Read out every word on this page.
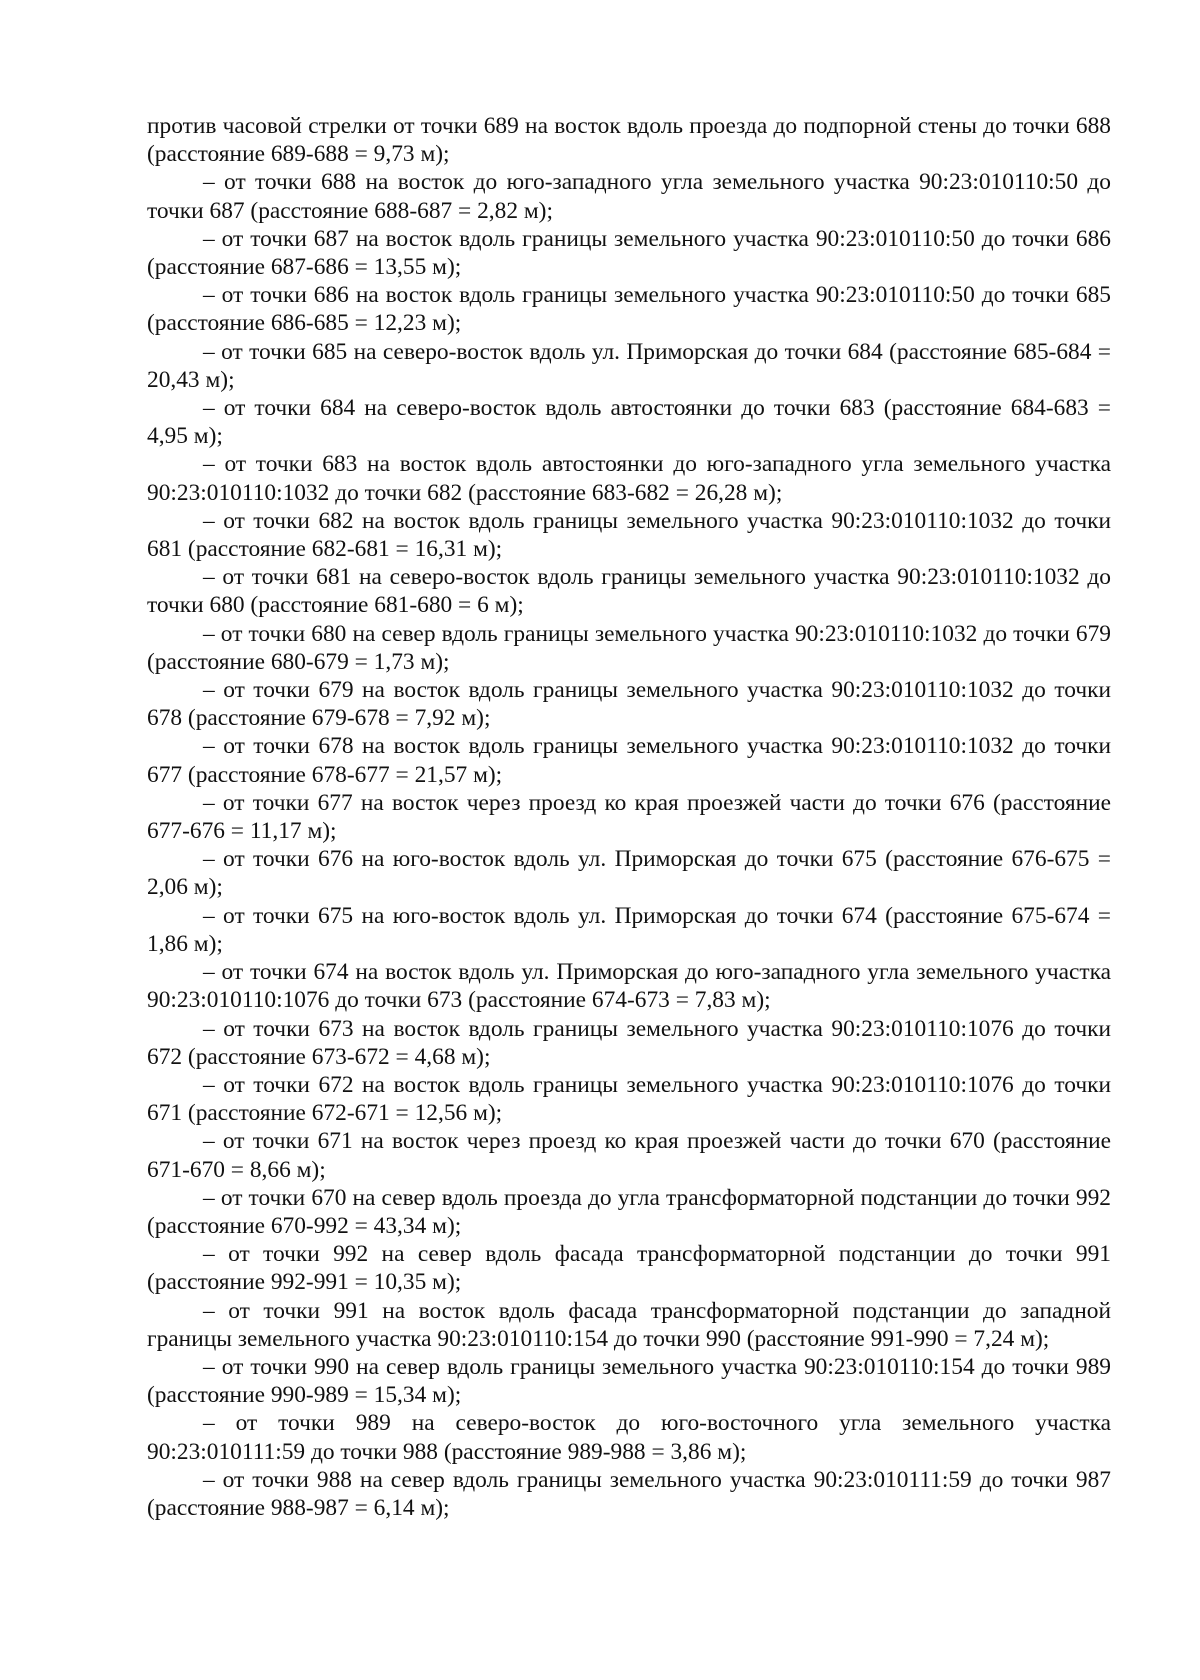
против часовой стрелки от точки 689 на восток вдоль проезда до подпорной стены до точки 688 (расстояние 689-688 = 9,73 м);

– от точки 688 на восток до юго-западного угла земельного участка 90:23:010110:50 до точки 687 (расстояние 688-687 = 2,82 м);

– от точки 687 на восток вдоль границы земельного участка 90:23:010110:50 до точки 686 (расстояние 687-686 = 13,55 м);

– от точки 686 на восток вдоль границы земельного участка 90:23:010110:50 до точки 685 (расстояние 686-685 = 12,23 м);

– от точки 685 на северо-восток вдоль ул. Приморская до точки 684 (расстояние 685-684 = 20,43 м);

– от точки 684 на северо-восток вдоль автостоянки до точки 683 (расстояние 684-683 = 4,95 м);

– от точки 683 на восток вдоль автостоянки до юго-западного угла земельного участка 90:23:010110:1032 до точки 682 (расстояние 683-682 = 26,28 м);

– от точки 682 на восток вдоль границы земельного участка 90:23:010110:1032 до точки 681 (расстояние 682-681 = 16,31 м);

– от точки 681 на северо-восток вдоль границы земельного участка 90:23:010110:1032 до точки 680 (расстояние 681-680 = 6 м);

– от точки 680 на север вдоль границы земельного участка 90:23:010110:1032 до точки 679 (расстояние 680-679 = 1,73 м);

– от точки 679 на восток вдоль границы земельного участка 90:23:010110:1032 до точки 678 (расстояние 679-678 = 7,92 м);

– от точки 678 на восток вдоль границы земельного участка 90:23:010110:1032 до точки 677 (расстояние 678-677 = 21,57 м);

– от точки 677 на восток через проезд ко края проезжей части до точки 676 (расстояние 677-676 = 11,17 м);

– от точки 676 на юго-восток вдоль ул. Приморская до точки 675 (расстояние 676-675 = 2,06 м);

– от точки 675 на юго-восток вдоль ул. Приморская до точки 674 (расстояние 675-674 = 1,86 м);

– от точки 674 на восток вдоль ул. Приморская до юго-западного угла земельного участка 90:23:010110:1076 до точки 673 (расстояние 674-673 = 7,83 м);

– от точки 673 на восток вдоль границы земельного участка 90:23:010110:1076 до точки 672 (расстояние 673-672 = 4,68 м);

– от точки 672 на восток вдоль границы земельного участка 90:23:010110:1076 до точки 671 (расстояние 672-671 = 12,56 м);

– от точки 671 на восток через проезд ко края проезжей части до точки 670 (расстояние 671-670 = 8,66 м);

– от точки 670 на север вдоль проезда до угла трансформаторной подстанции до точки 992 (расстояние 670-992 = 43,34 м);

– от точки 992 на север вдоль фасада трансформаторной подстанции до точки 991 (расстояние 992-991 = 10,35 м);

– от точки 991 на восток вдоль фасада трансформаторной подстанции до западной границы земельного участка 90:23:010110:154 до точки 990 (расстояние 991-990 = 7,24 м);

– от точки 990 на север вдоль границы земельного участка 90:23:010110:154 до точки 989 (расстояние 990-989 = 15,34 м);

– от точки 989 на северо-восток до юго-восточного угла земельного участка 90:23:010111:59 до точки 988 (расстояние 989-988 = 3,86 м);

– от точки 988 на север вдоль границы земельного участка 90:23:010111:59 до точки 987 (расстояние 988-987 = 6,14 м);
